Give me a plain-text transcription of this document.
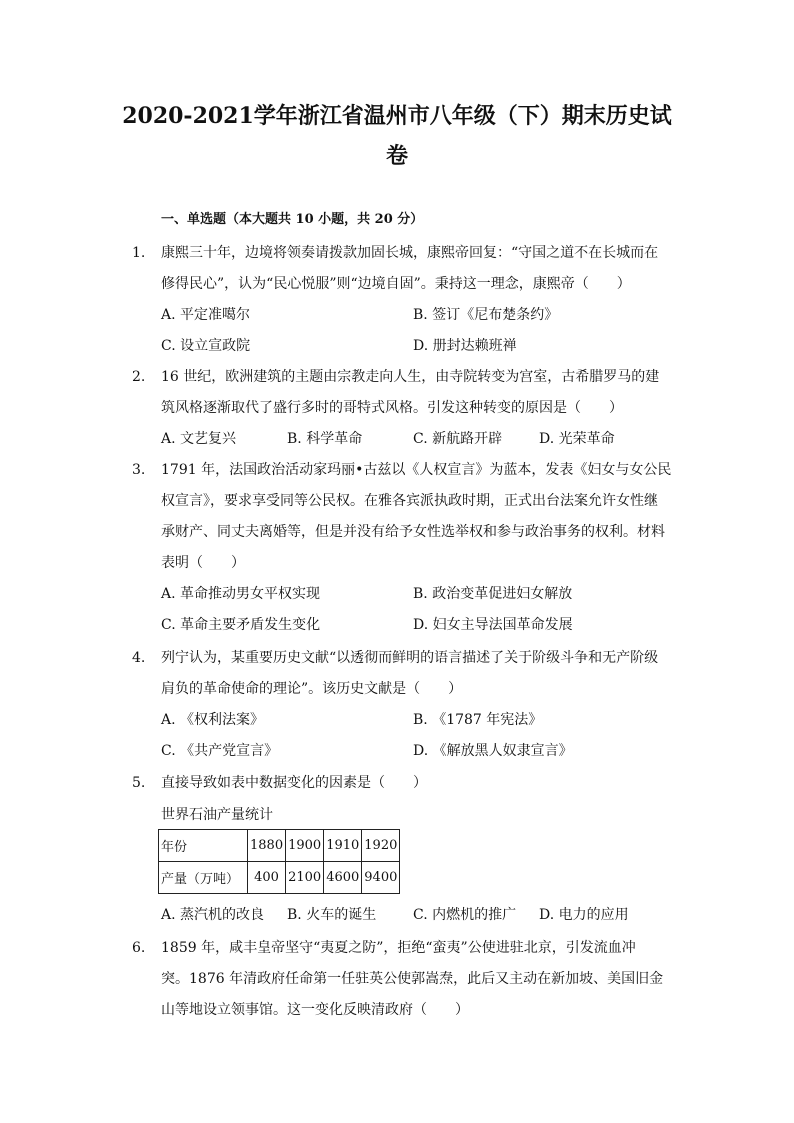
2020-2021学年浙江省温州市八年级（下）期末历史试
卷
一、单选题（本大题共 10 小题，共 20 分）
1. 康熙三十年，边境将领奏请拨款加固长城，康熙帝回复：“守国之道不在长城而在
修得民心”，认为“民心悦服”则“边境自固”。秉持这一理念，康熙帝（　　）
A. 平定准噶尔	B. 签订《尼布楚条约》
C. 设立宣政院	D. 册封达赖班禅
2. 16 世纪，欧洲建筑的主题由宗教走向人生，由寺院转变为宫室，古希腊罗马的建
筑风格逐渐取代了盛行多时的哥特式风格。引发这种转变的原因是（　　）
A. 文艺复兴	B. 科学革命	C. 新航路开辟	D. 光荣革命
3. 1791 年，法国政治活动家玛丽•古兹以《人权宣言》为蓝本，发表《妇女与女公民
权宣言》，要求享受同等公民权。在雅各宾派执政时期，正式出台法案允许女性继
承财产、同丈夫离婚等，但是并没有给予女性选举权和参与政治事务的权利。材料
表明（　　）
A. 革命推动男女平权实现	B. 政治变革促进妇女解放
C. 革命主要矛盾发生变化	D. 妇女主导法国革命发展
4. 列宁认为，某重要历史文献“以透彻而鲜明的语言描述了关于阶级斗争和无产阶级
肩负的革命使命的理论”。该历史文献是（　　）
A. 《权利法案》	B. 《1787 年宪法》
C. 《共产党宣言》	D. 《解放黑人奴隶宣言》
5. 直接导致如表中数据变化的因素是（　　）
世界石油产量统计
年份	1880	1900	1910	1920
产量（万吨）	400	2100	4600	9400
A. 蒸汽机的改良 B. 火车的诞生	C. 内燃机的推广 D. 电力的应用
6. 1859 年，咸丰皇帝坚守“夷夏之防”，拒绝“蛮夷”公使进驻北京，引发流血冲
突。1876 年清政府任命第一任驻英公使郭嵩焘，此后又主动在新加坡、美国旧金
山等地设立领事馆。这一变化反映清政府（　　）
